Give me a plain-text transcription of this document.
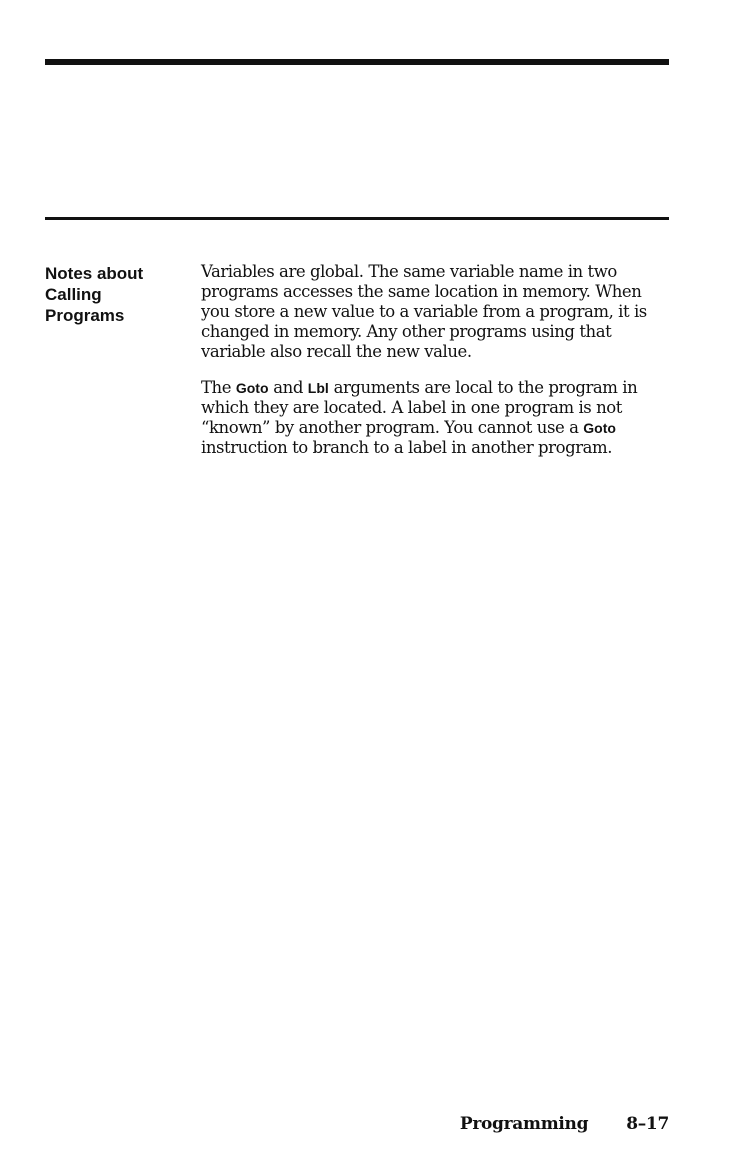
Notes about
Calling
Programs
Variables are global. The same variable name in two
programs accesses the same location in memory. When
you store a new value to a variable from a program, it is
changed in memory. Any other programs using that
variable also recall the new value.
The Goto and Lbl arguments are local to the program in
which they are located. A label in one program is not
“known” by another program. You cannot use a Goto
instruction to branch to a label in another program.
Programming 8–17
